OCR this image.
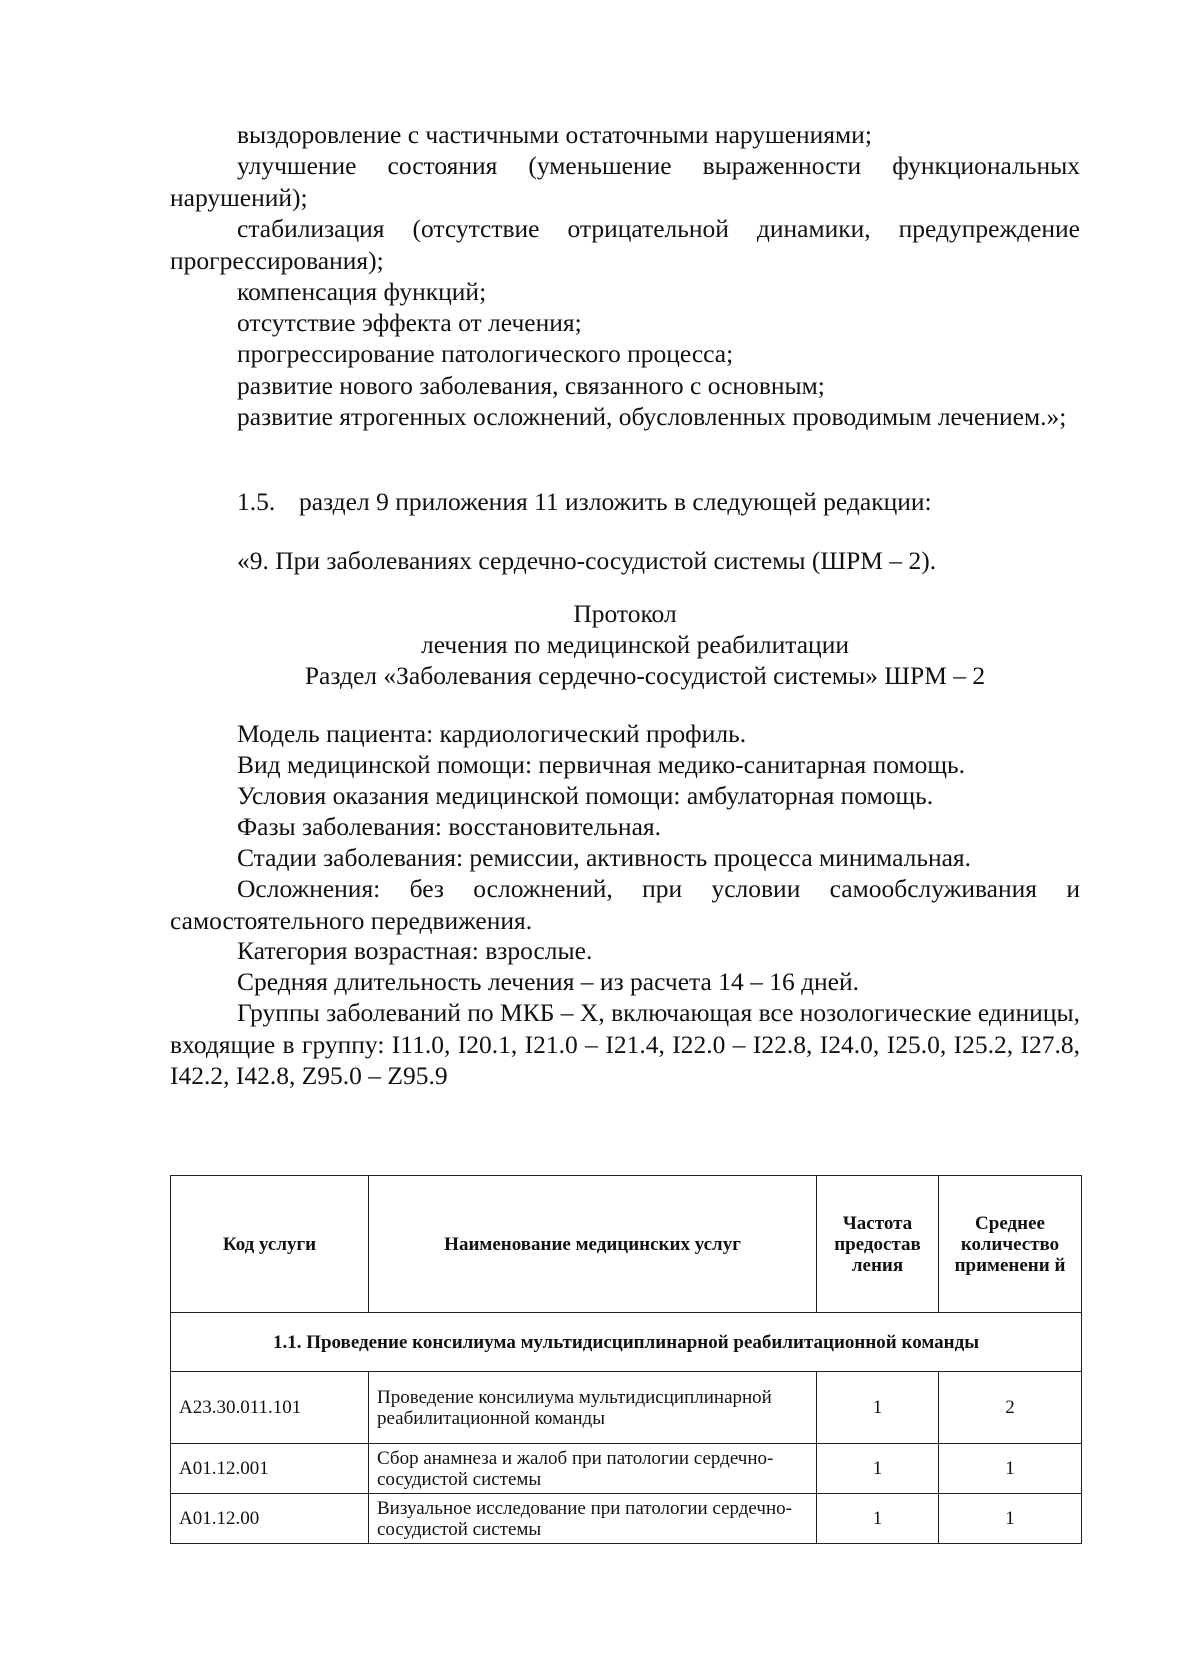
выздоровление с частичными остаточными нарушениями;

улучшение состояния (уменьшение выраженности функциональных нарушений);

стабилизация (отсутствие отрицательной динамики, предупреждение прогрессирования);

компенсация функций;

отсутствие эффекта от лечения;

прогрессирование патологического процесса;

развитие нового заболевания, связанного с основным;

развитие ятрогенных осложнений, обусловленных проводимым лечением.»;

1.5. раздел 9 приложения 11 изложить в следующей редакции:

«9. При заболеваниях сердечно-сосудистой системы (ШРМ – 2).

Протокол

лечения по медицинской реабилитации

Раздел «Заболевания сердечно-сосудистой системы» ШРМ – 2

Модель пациента: кардиологический профиль.

Вид медицинской помощи: первичная медико-санитарная помощь.

Условия оказания медицинской помощи: амбулаторная помощь.

Фазы заболевания: восстановительная.

Стадии заболевания: ремиссии, активность процесса минимальная.

Осложнения: без осложнений, при условии самообслуживания и самостоятельного передвижения.

Категория возрастная: взрослые.

Средняя длительность лечения – из расчета 14 – 16 дней.

Группы заболеваний по МКБ – X, включающая все нозологические единицы, входящие в группу: I11.0, I20.1, I21.0 – I21.4, I22.0 – I22.8, I24.0, I25.0, I25.2, I27.8, I42.2, I42.8, Z95.0 – Z95.9

Код услуги	Наименование медицинских услуг	Частота предостав ления	Среднее количество применени й
1.1. Проведение консилиума мультидисциплинарной реабилитационной команды			
A23.30.011.101	Проведение консилиума мультидисциплинарной реабилитационной команды	1	2
A01.12.001	Сбор анамнеза и жалоб при патологии сердечно-сосудистой системы	1	1
A01.12.00	Визуальное исследование при патологии сердечно-сосудистой системы	1	1
